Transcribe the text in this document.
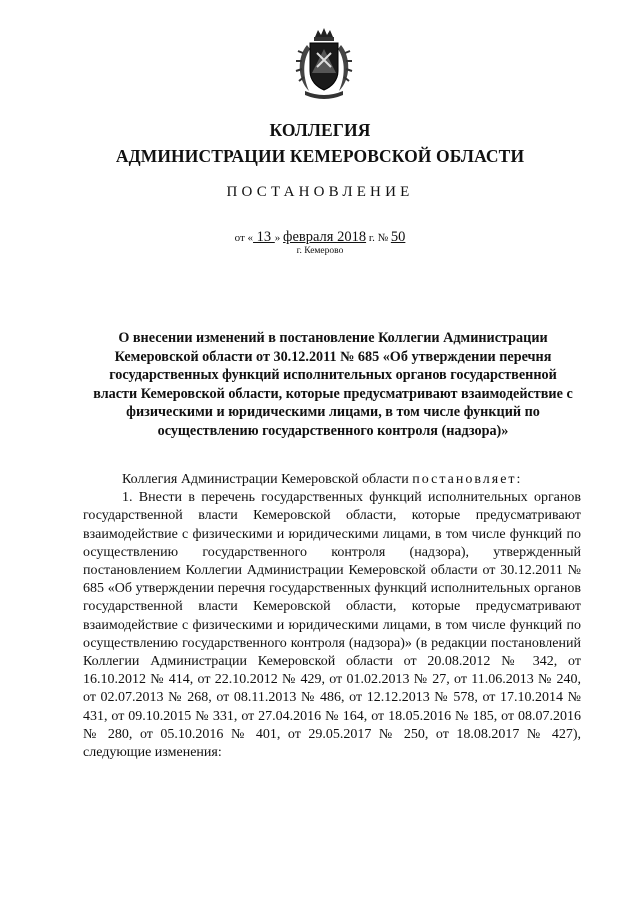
КОЛЛЕГИЯ
АДМИНИСТРАЦИИ КЕМЕРОВСКОЙ ОБЛАСТИ
ПОСТАНОВЛЕНИЕ
от « 13 » февраля 2018 г. № 50
г. Кемерово
О внесении изменений в постановление Коллегии Администрации Кемеровской области от 30.12.2011 № 685 «Об утверждении перечня государственных функций исполнительных органов государственной власти Кемеровской области, которые предусматривают взаимодействие с физическими и юридическими лицами, в том числе функций по осуществлению государственного контроля (надзора)»

Коллегия Администрации Кемеровской области постановляет:

1. Внести в перечень государственных функций исполнительных органов государственной власти Кемеровской области, которые предусматривают взаимодействие с физическими и юридическими лицами, в том числе функций по осуществлению государственного контроля (надзора), утвержденный постановлением Коллегии Администрации Кемеровской области от 30.12.2011 № 685 «Об утверждении перечня государственных функций исполнительных органов государственной власти Кемеровской области, которые предусматривают взаимодействие с физическими и юридическими лицами, в том числе функций по осуществлению государственного контроля (надзора)» (в редакции постановлений Коллегии Администрации Кемеровской области от 20.08.2012 № 342, от 16.10.2012 № 414, от 22.10.2012 № 429, от 01.02.2013 № 27, от 11.06.2013 № 240, от 02.07.2013 № 268, от 08.11.2013 № 486, от 12.12.2013 № 578, от 17.10.2014 № 431, от 09.10.2015 № 331, от 27.04.2016 № 164, от 18.05.2016 № 185, от 08.07.2016 № 280, от 05.10.2016 № 401, от 29.05.2017 № 250, от 18.08.2017 № 427), следующие изменения:
